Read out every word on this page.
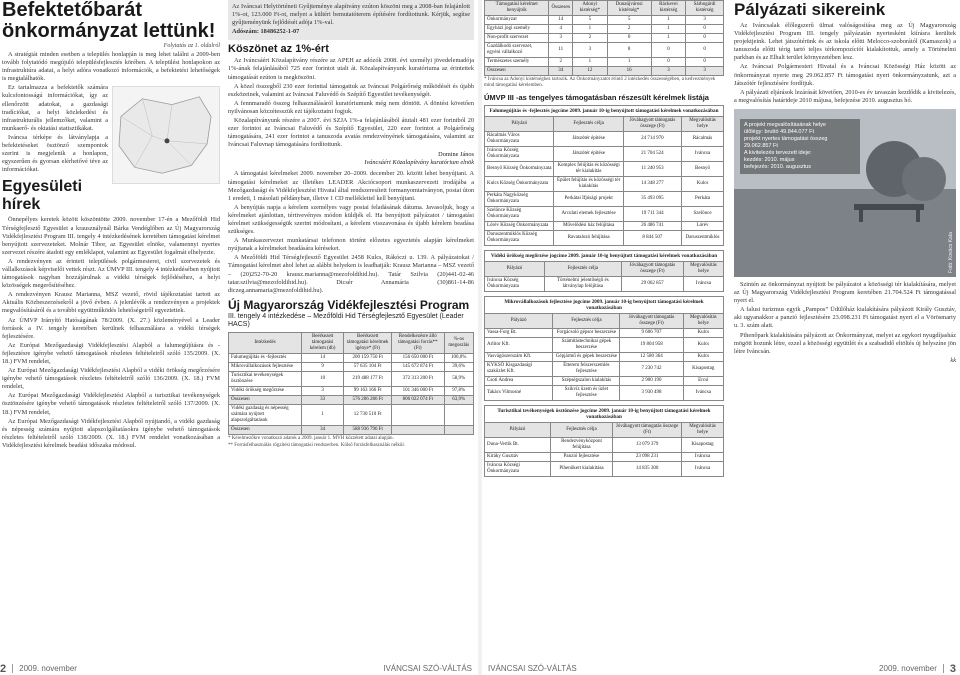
Befektetőbarát önkormányzat lettünk!
Folytatás az 1. oldalról

A stratégiát minden esetben a település honlapján is meg lehet találni a 2009-ben tovább folytatódó megújuló településfejlesztés körében. A települési honlapokon az infrastruktúra adatai, a helyi adóra vonatkozó információk, a befektetési lehetőségek is megtalálhatók.

Ez tartalmazza a befektetők számára kulcsfontosságú információkat, így az ellenőrzött adatokat, a gazdasági tradíciókat, a helyi közlekedési és infrastrukturális jellemzőket, valamint a munkaerő- és oktatási statisztikákat.

Iváncsa térképe és látványlapja a befektetéseket ösztönző szempontok szerint is megjelenik a honlapon, egyszerűen és gyorsan elérhetővé téve az információkat.

Egyesületi hírek

Önnepélyes keretek között köszöntötte 2009. november 17-én a Mezőföldi Hid Térségfejlesztő Egyesület a krausználynál Bárka Vendéglőben az Új Magyarország Vidékfejlesztési Program III. tengely 4 intézkedésének keretében támogatást kérelmet benyújtott szervezeteket. Molnár Tibor, az Egyesület elnöke, valamennyi nyertes szervezet részére átadott egy emléklapot, valamint az Egyesület fogalmát elhelyezte.

A rendezvényen az érintett települések polgármesterei, civil szervezetek és vállalkozások képviselői vettek részt. Az ÚMVP III. tengely 4 intézkedésében nyújtott támogatások nagyban hozzájárulnak a vidéki térségek fejlődéséhez, a helyi közösségek megerősítéséhez.

A rendezvényen Krausz Marianna, MSZ vezető, rövid tájékoztatást tartott az Aktuális Közbeszerzésekről a jövő évben. A jelenlévők a rendezvényen a projektek megvalósításáról és a további együttműködés lehetőségeiről egyeztettek.

Az ÚMVP Irányító Hatóságának 78/2009. (X. 27.) közleményével a Leader források a IV. tengely keretében kerülnek felhasználásra a vidéki térségek fejlesztésére.

Az Európai Mezőgazdasági Vidékfejlesztési Alapból a falumegújításra és -fejlesztésre igénybe vehető támogatások részletes feltételeiről szóló 135/2009. (X. 18.) FVM rendelet,

Az Európai Mezőgazdasági Vidékfejlesztési Alapból a vidéki örökség megőrzésére igénybe vehető támogatások részletes feltételeiről szóló 136/2009. (X. 18.) FVM rendelet,

Az Európai Mezőgazdasági Vidékfejlesztési Alapból a turisztikai tevékenységek ösztönzésére igénybe vehető támogatások részletes feltételeiről szóló 137/2009. (X. 18.) FVM rendelet,

Az Európai Mezőgazdasági Vidékfejlesztési Alapból nyújtandó, a vidéki gazdaság és népesség számára nyújtott alapszolgáltatásokra igénybe vehető támogatások részletes feltételeiről szóló 138/2009. (X. 18.) FVM rendelet vonatkozásában a Vidékfejlesztési kérelmek beadási időszaka módosul.

Az Iváncsai Helytörténeti Gyűjteménye alapítvány ezúton köszöni meg a 2008-ban felajánlott 1%-ot, 123.000 Ft-ot, melyet a kültéri bemutatóterem építésére fordítottunk. Kérjük, segítse gyűjteményünk fejlődését adója 1%-val.

Adószám: 18486252-1-07

Köszönet az 1%-ért

Az Iváncsáért Közalapítvány részére az APEH az adózók 2008. évi személyi jövedelemadója 1%-ának felajánlásából 725 ezer forintot utalt át. Közalapítványunk kuratóriuma az érintettek támogatását ezúton is megköszöni.

A közel összegből 230 ezer forinttal támogattuk az Iváncsai Polgárőrség működését és újabb eszközeinek, valamint az Iváncsai Faluvédő és Szépítő Egyesület tevékenységét.

A fennmaradó összeg felhasználásáról kuratóriumunk még nem döntött. A döntést követően nyilvánosan közzétesszük ezt tájékoztatni fogjuk.

Közalapítványunk részére a 2007. évi SZJA 1%-a felajánlásából átutalt 481 ezer forintból 20 ezer forintot az Iváncsai Faluvédő és Szépítő Egyesület, 220 ezer forintot a Polgárőrség támogatására, 241 ezer forintot a tanuszoda avatás rendezvényének támogatására, valamint az Iváncsai Faluvnap támogatására fordítottunk.

Domine János
Iváncsáért Közalapítvány kuratórium elnök

A támogatási kérelmeket 2009. november 20–2009. december 20. között lehet benyújtani. A támogatási kérelmeket az illetékes LEADER Akciócsoport munkaszervezeti irodájába a Mezőgazdasági és Vidékfejlesztési Hivatal által rendszeresített formanyomtatványon, postai úton 1 eredeti, 1 másolati példányban, illetve 1 CD melléklettel kell benyújtani.

A benyújtás napja a kérelem személyes vagy postai feladásának dátuma. Javasoljuk, hogy a kérelmeket ajánlottan, tértivevényes módon küldjék el. Ha benyújtott pályázatot / támogatási kérelmet szükségességük szerint módosítani, a kérelem visszavonása és újabb kérelem beadása szükséges.

A Munkaszervezet munkatársai telefonon történt előzetes egyeztetés alapján kérelmeket nyújtanak a kérelmeket beadására kéréseket.

A Mezőföldi Hid Térségfejlesztő Egyesület 2458 Kulcs, Rákóczi u. 139. A pályázatokat / Támogatási kérelmet ahol lehet az alábbi helyeken is leadhatják: Krausz Marianna – MSZ vezető – (20)252-70-20 krausz.marianna@mezofoldihid.hu). Tatár Szilvia (20)441-02-46 tatar.szilvia@mezofoldihid.hu). Dicsér Annamária (30)861-14-86 diczeg.annamaria@mezofoldihid.hu).

Új Magyarország Vidékfejlesztési Program
III. tengely 4 intézkedése – Mezőföldi Hid Térségfejlesztő Egyesület (Leader HACS)
Intézkedés	Beérkezett támogatási kérelem (db)	Beérkezett támogatási kérelmek igénye* (Ft)	Rendelkezésre álló támogatási forrás** (Ft)	%-os megoszlás
Falumegújítás és -fejlesztés	14	200 159 750 Ft	156 650 000 Ft	100,0%
Mikrovállalkozások fejlesztése	9	57 635 104 Ft	145 672 874 Ft	39,6%
Turisztikai tevékenységek ösztönzése	10	219 488 177 Ft	372 313 200 Ft	58,9%
Vidéki örökség megőrzése	3	99 163 166 Ft	101 346 000 Ft	97,8%
Összesen	33	576 206 286 Ft	806 022 074 Ft	63,9%
Vidéki gazdaság és népesség számára nyújtott alapszolgáltatások	1	12 730 510 Ft		
Összesen	34	588 936 796 Ft		
* Kérelmezőkre vonatkozó adatok a 2009. január 1. MVH közzétett adatai alapján.
** Forrásfelhasználás rögzítési támogatási rendszerben. Külső forrásfelhasználás nélkül.
2 2009. november	IVÁNCSAI SZÓ-VÁLTÁS
Támogatási kérelmet benyújtók	Összesen	Adonyi kistérség*	Dunaújvárosi kistérség*	Ráckevei kistérség	Sárbogárdi kistérség
Önkormányzat	14	5	5	1	3
Egyházi jogi személy	4	1	2	1	0
Non-profit szervezet	3	2	0	1	0
Gazdálkodó szervezet, egyéni vállalkozó	11	3	8	0	0
Természetes személy	2	1	1	0	0
Összesen	34	12	16	3	3
* Iváncsa az Adonyi kistérséghez tartozik. Az Önkormányzatot érintő 2 intézkedés összességében, a kedvezmények mind támogatási kérelemben.
ÚMVP III -as tengelyes támogatásban részesült kérelmek listája
Falumegújítás és -fejlesztés jogcíme 2009. január 10-ig benyújtott támogatási kérelmek vonatkozásában
Pályázó	Fejlesztés célja	Jóváhagyott támogatás összege (Ft)	Megvalósítás helye
Rácalmás Város Önkormányzata	Játszótér építése	24 714 970	Rácalmás
Iváncsa Község Önkormányzata	Játszótér építése	21 704 524	Iváncsa
Besnyő Község Önkormányzata	Komplex felújítás és közösségi tér kialakítás	11 240 953	Besnyő
Kulcs Község Önkormányzata	Épület felújítás és közösségi tér kialakítás	14 348 277	Kulcs
Perkáta Nagyközség Önkormányzata	Perkátai Ifjúsági projekt	35 493 095	Perkáta
Szelönce Község Önkormányzata	Arculati elemek fejlesztése	19 711 344	Szelönce
Lórév Község Önkormányzata	Művelődési ház felújítása	26 486 741	Lórév
Daruszentmiklós Község Önkormányzata	Ravatalozó felújítása	8 844 507	Daruszentmiklós
Vidéki örökség megőrzése jogcíme 2009. január 10-ig benyújtott támogatási kérelmek vonatkozásában
Pályázó	Fejlesztés célja	Jóváhagyott támogatás összege (Ft)	Megvalósítás helye
Iváncsa Község Önkormányzata	Történelmi jelentőségű és látványlap felújítása	29 062 857	Iváncsa
Mikrovállalkozások fejlesztése jogcíme 2009. január 10-ig benyújtott támogatási kérelmek vonatkozásában
Pályázó	Fejlesztés célja	Jóváhagyott támogatás összege (Ft)	Megvalósítás helye
Vassa-Forg Bt.	Forgácsoló gépsor beszerzése	9 606 707	Kulcs
Arlitor Kft.	Számítástechnikai gépek beszerzése	19 804 958	Kulcs
Vasvágószerszám Kft.	Gépjármű és gépek beszerzése	12 580 364	Kulcs
KYKSÓ Kisgazdasági szaküzlet Kft.	Étterem felszerszemlés fejlesztése	7 230 742	Kisapostag
Csoti Andrea	Szépségszalon kialakítás	2 900 190	Ercsi
Takács Vilmosné	Szikvíz üzem és üzlet fejlesztése	3 930 498	Iváncsa
Turisztikai tevékenységek ösztönzése jogcíme 2009. január 10-ig benyújtott támogatási kérelmek vonatkozásában
Pályázó	Fejlesztés célja	Jóváhagyott támogatás összege (Ft)	Megvalósítás helye
Duna-Vertik Bt.	Rendezvényközpont felújítása	13 079 379	Kisapostag
Kiráky Gusztáv	Panzió fejlesztése	23 098 231	Iváncsa
Iváncsa Községi Önkormányzata	Pihenőkert kialakítása	14 835 300	Iváncsa
Pályázati sikereink

Az Iváncsalak élőlegszerű ülmai valóságosítása meg az Új Magyarország Vidékfejlesztési Program III. tengely pályázatán nyertesként kiírásra kerültek projektjeink. Lehet játszótérünk és az iskola előtti Melocco-szoborától (Kamaszok) a tanuszoda előtti térig tartó teljes térkompozíciót kialakítottuk, amely a Történelmi parkban és az Elhalt terület környezetében lesz.

Az Iváncsai Polgármesteri Hivatal és a Iváncsai Közösségi Ház között az önkormányzat nyerte meg 29.062.857 Ft támogatást nyert önkormányzatunk, azt a Játszótér fejlesztésére fordítjuk.

A pályázati eljárások lezárását követően, 2010-es év tavaszán kezdődik a kivitelezés, a megvalósítás határideje 2010 májusa, befejezése 2010. augusztus hó.

A projekt megvalósításának helye
ülőlégy: bruttó 49.844.077 Ft
projekt nyertes támogatási összeg
29.062.857 Ft
A kivitelezés tervezett ideje:
kezdés: 2010. május
befejezés: 2010. augusztus
Fotó: Kovács Kata

Szintén az önkormányzat nyújtott be pályázatot a közösségi tér kialakítására, melyet az Új Magyarország Vidékfejlesztési Program keretében 21.704.524 Ft támogatással nyert el.

A falusi turizmus egyik „Pampos” Üdülőház kialakítására pályázott Király Gusztáv, aki ugyanakkor a panzió fejlesztésére 23.098.231 Ft támogatást nyert el a Vörösmarty u. 3. szám alatt.

Pihenőpark kialakítására pályázott az Önkormányzat, melyet az egykori nyugdíjasház mögött hozunk létre, ezzel a közösségi együttlét és a szabadidő eltöltés új helyszíne jön létre Iváncsán.

kk

IVÁNCSAI SZÓ-VÁLTÁS	2009. november 3
